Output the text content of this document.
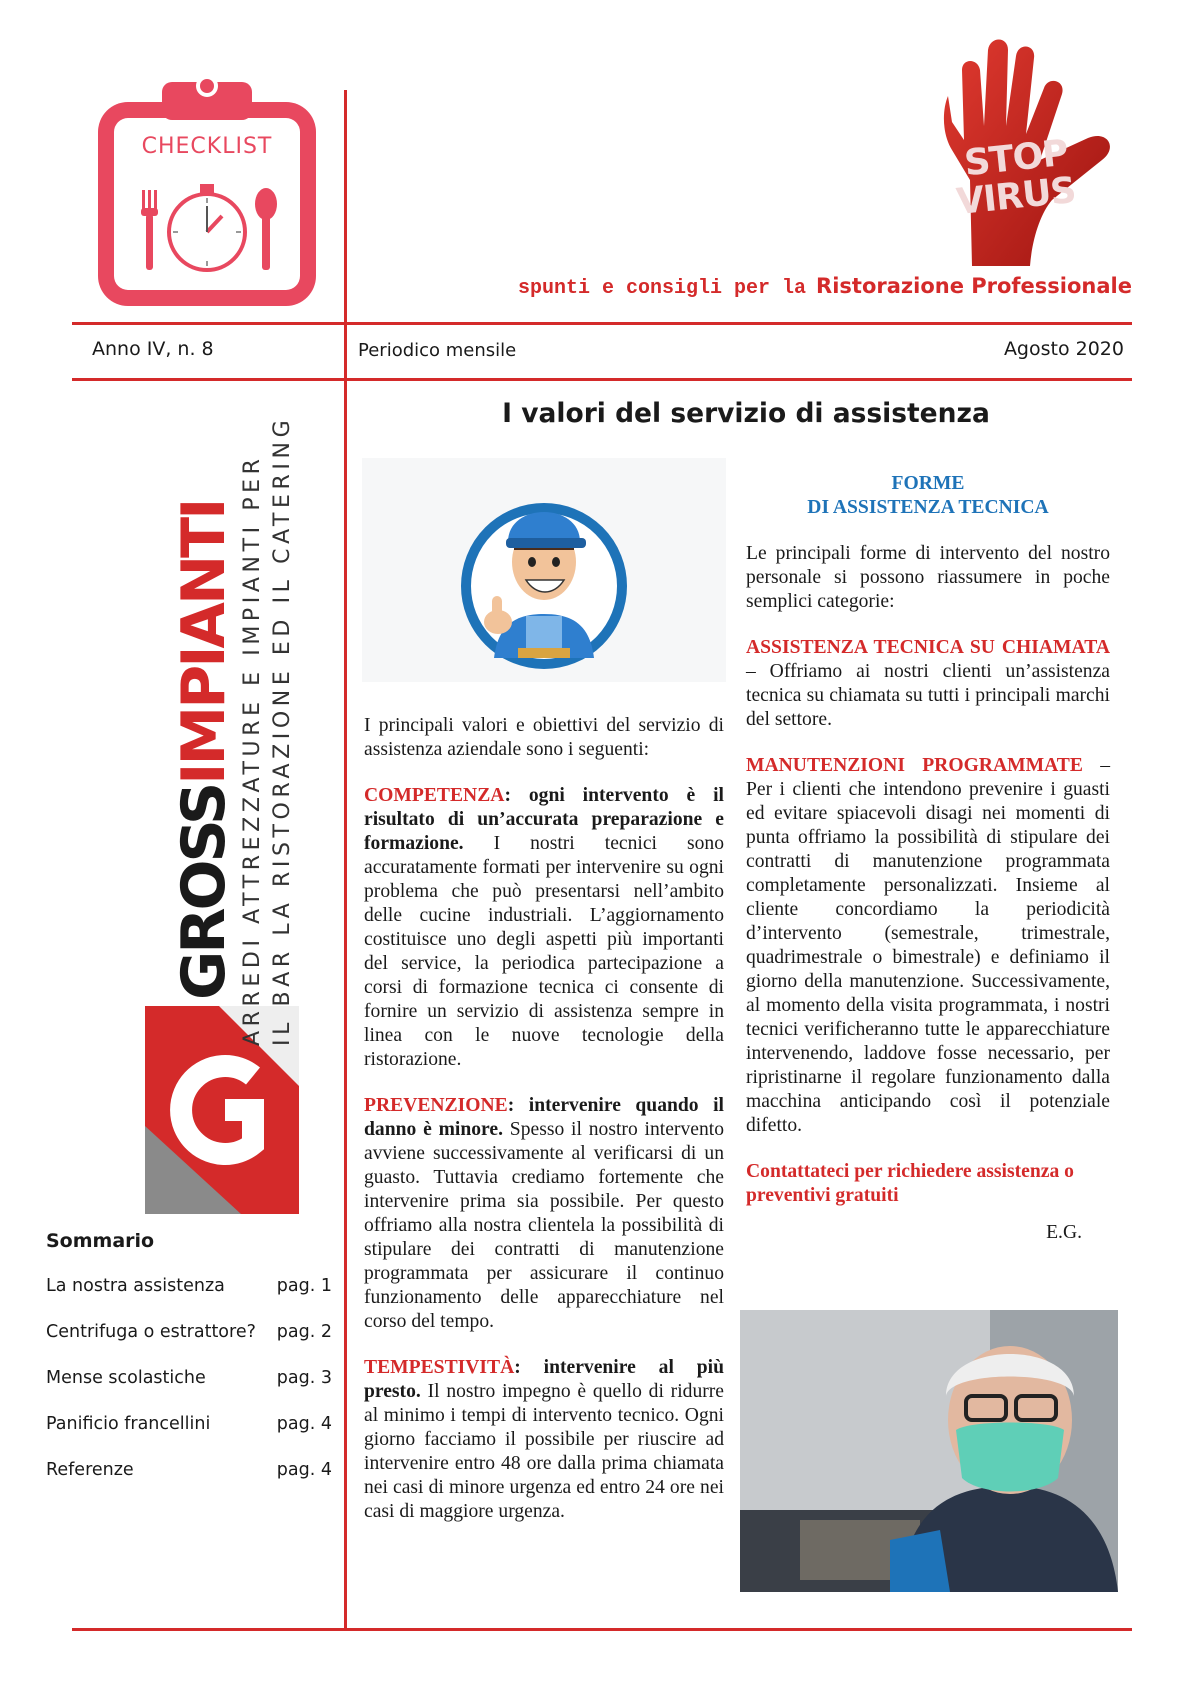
CHECKLIST	STOP
VIRUS
spunti e consigli per la Ristorazione Professionale
Anno IV, n. 8	Periodico mensile	Agosto 2020
GROSSIMPIANTI ARREDI ATTREZZATURE E IMPIANTI PER IL BAR LA RISTORAZIONE ED IL CATERING
Sommario
La nostra assistenza	pag. 1
Centrifuga o estrattore? pag. 2
Mense scolastiche	pag. 3
Panificio francellini	pag. 4
Referenze	pag. 4
I valori del servizio di assistenza

I principali valori e obiettivi del servizio di assistenza aziendale sono i seguenti:

COMPETENZA: ogni intervento è il risultato di un’accurata preparazione e formazione. I nostri tecnici sono accuratamente formati per intervenire su ogni problema che può presentarsi nell’ambito delle cucine industriali. L’aggiornamento costituisce uno degli aspetti più importanti del service, la periodica partecipazione a corsi di formazione tecnica ci consente di fornire un servizio di assistenza sempre in linea con le nuove tecnologie della ristorazione.

PREVENZIONE: intervenire quando il danno è minore. Spesso il nostro intervento avviene successivamente al verificarsi di un guasto. Tuttavia crediamo fortemente che intervenire prima sia possibile. Per questo offriamo alla nostra clientela la possibilità di stipulare dei contratti di manutenzione programmata per assicurare il continuo funzionamento delle apparecchiature nel corso del tempo.

TEMPESTIVITÀ: intervenire al più presto. Il nostro impegno è quello di ridurre al minimo i tempi di intervento tecnico. Ogni giorno facciamo il possibile per riuscire ad intervenire entro 48 ore dalla prima chiamata nei casi di minore urgenza ed entro 24 ore nei casi di maggiore urgenza.

FORME
DI ASSISTENZA TECNICA

Le principali forme di intervento del nostro personale si possono riassumere in poche semplici categorie:

ASSISTENZA TECNICA SU CHIAMATA – Offriamo ai nostri clienti un’assistenza tecnica su chiamata su tutti i principali marchi del settore.

MANUTENZIONI PROGRAMMATE – Per i clienti che intendono prevenire i guasti ed evitare spiacevoli disagi nei momenti di punta offriamo la possibilità di stipulare dei contratti di manutenzione programmata completamente personalizzati. Insieme al cliente concordiamo la periodicità d’intervento (semestrale, trimestrale, quadrimestrale o bimestrale) e definiamo il giorno della manutenzione. Successivamente, al momento della visita programmata, i nostri tecnici verificheranno tutte le apparecchiature intervenendo, laddove fosse necessario, per ripristinarne il regolare funzionamento dalla macchina anticipando così il potenziale difetto.

Contattateci per richiedere assistenza o preventivi gratuiti

E.G.
